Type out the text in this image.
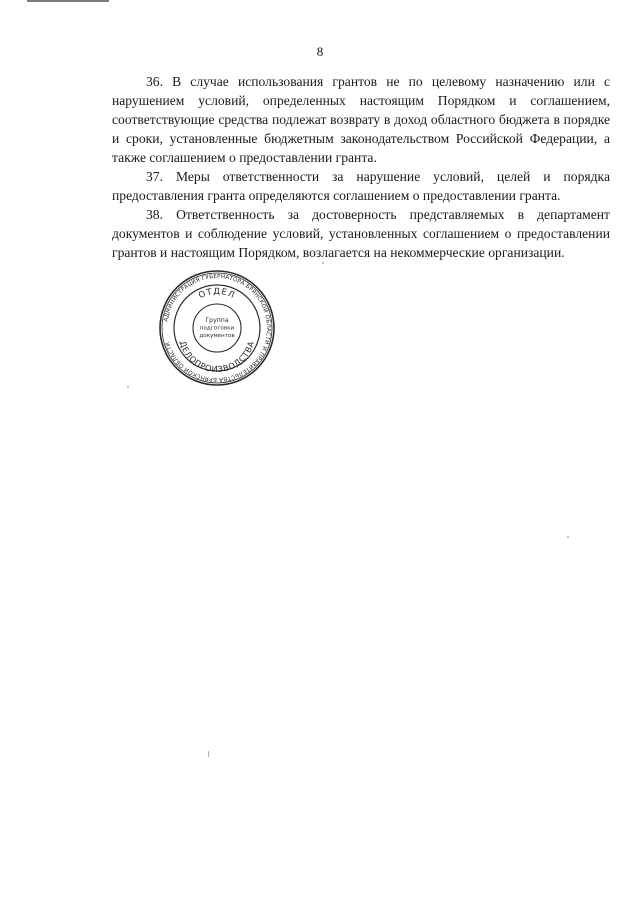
8

36. В случае использования грантов не по целевому назначению или с нарушением условий, определенных настоящим Порядком и соглашением, соответствующие средства подлежат возврату в доход областного бюджета в порядке и сроки, установленные бюджетным законодательством Российской Федерации, а также соглашением о предоставлении гранта.

37. Меры ответственности за нарушение условий, целей и порядка предоставления гранта определяются соглашением о предоставлении гранта.

38. Ответственность за достоверность представляемых в департамент документов и соблюдение условий, установленных соглашением о предоставлении грантов и настоящим Порядком, возлагается на некоммерческие организации.

АДМИНИСТРАЦИЯ ГУБЕРНАТОРА БРЯНСКОЙ ОБЛАСТИ И ПРАВИТЕЛЬСТВА БРЯНСКОЙ ОБЛАСТИ
ОТДЕЛ
ДЕЛОПРОИЗВОДСТВА
Группа
подготовки
документов
